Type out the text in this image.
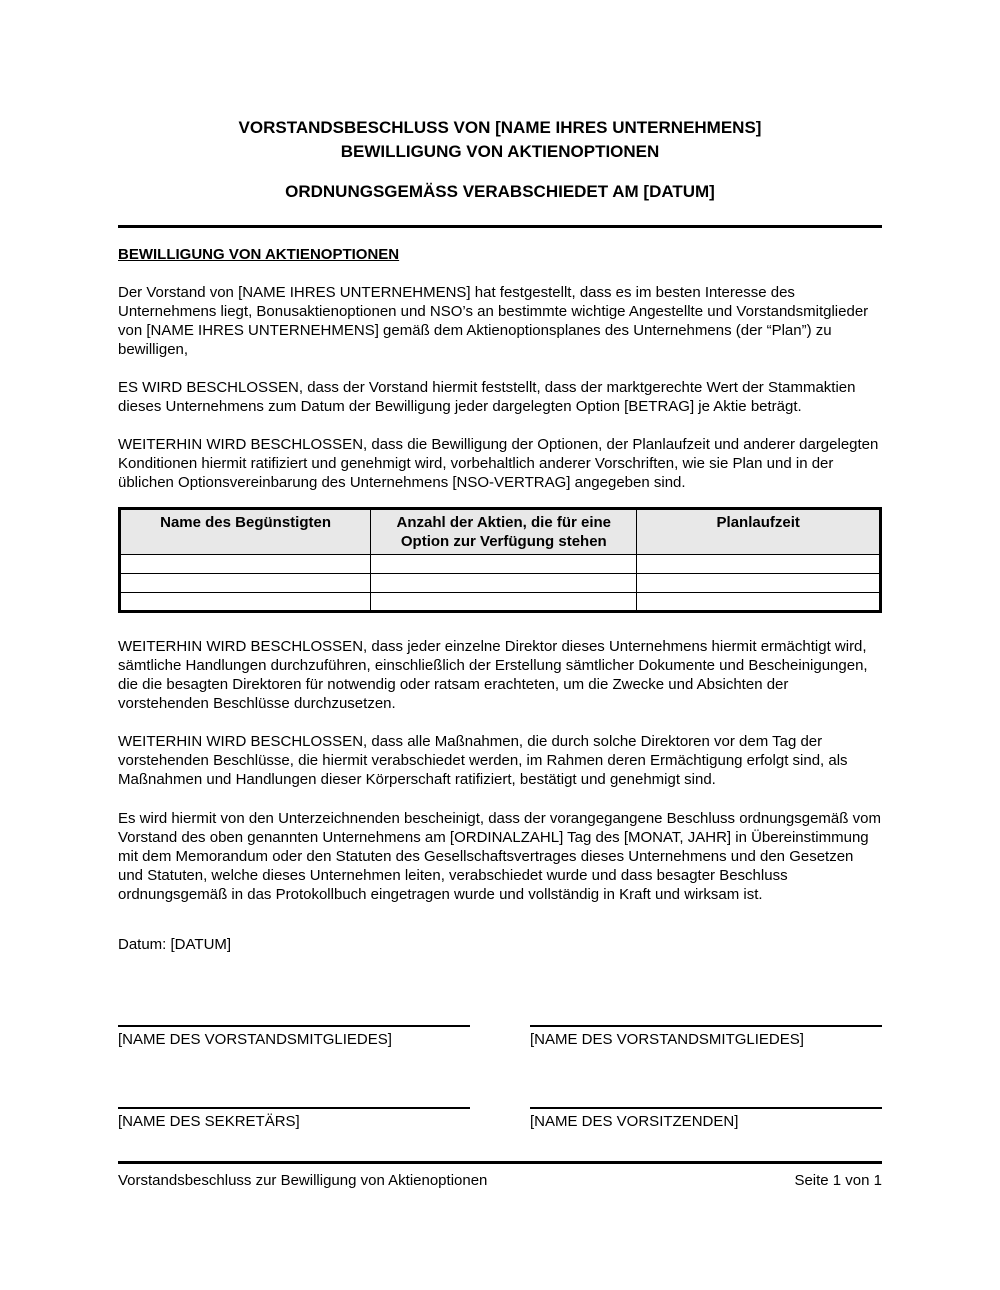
VORSTANDSBESCHLUSS VON [NAME IHRES UNTERNEHMENS]
BEWILLIGUNG VON AKTIENOPTIONEN
ORDNUNGSGEMÄSS VERABSCHIEDET AM [DATUM]
BEWILLIGUNG VON AKTIENOPTIONEN

Der Vorstand von [NAME IHRES UNTERNEHMENS] hat festgestellt, dass es im besten Interesse des Unternehmens liegt, Bonusaktienoptionen und NSO’s an bestimmte wichtige Angestellte und Vorstandsmitglieder von [NAME IHRES UNTERNEHMENS] gemäß dem Aktienoptionsplanes des Unternehmens (der “Plan”) zu bewilligen,

ES WIRD BESCHLOSSEN, dass der Vorstand hiermit feststellt, dass der marktgerechte Wert der Stammaktien dieses Unternehmens zum Datum der Bewilligung jeder dargelegten Option [BETRAG] je Aktie beträgt.

WEITERHIN WIRD BESCHLOSSEN, dass die Bewilligung der Optionen, der Planlaufzeit und anderer dargelegten Konditionen hiermit ratifiziert und genehmigt wird, vorbehaltlich anderer Vorschriften, wie sie Plan und in der üblichen Optionsvereinbarung des Unternehmens [NSO-VERTRAG] angegeben sind.

Name des Begünstigten	Anzahl der Aktien, die für eine Option zur Verfügung stehen	Planlaufzeit

WEITERHIN WIRD BESCHLOSSEN, dass jeder einzelne Direktor dieses Unternehmens hiermit ermächtigt wird, sämtliche Handlungen durchzuführen, einschließlich der Erstellung sämtlicher Dokumente und Bescheinigungen, die die besagten Direktoren für notwendig oder ratsam erachteten, um die Zwecke und Absichten der vorstehenden Beschlüsse durchzusetzen.

WEITERHIN WIRD BESCHLOSSEN, dass alle Maßnahmen, die durch solche Direktoren vor dem Tag der vorstehenden Beschlüsse, die hiermit verabschiedet werden, im Rahmen deren Ermächtigung erfolgt sind, als Maßnahmen und Handlungen dieser Körperschaft ratifiziert, bestätigt und genehmigt sind.

Es wird hiermit von den Unterzeichnenden bescheinigt, dass der vorangegangene Beschluss ordnungsgemäß vom Vorstand des oben genannten Unternehmens am [ORDINALZAHL] Tag des [MONAT, JAHR] in Übereinstimmung mit dem Memorandum oder den Statuten des Gesellschaftsvertrages dieses Unternehmens und den Gesetzen und Statuten, welche dieses Unternehmen leiten, verabschiedet wurde und dass besagter Beschluss ordnungsgemäß in das Protokollbuch eingetragen wurde und vollständig in Kraft und wirksam ist.

Datum: [DATUM]
[NAME DES VORSTANDSMITGLIEDES]	[NAME DES VORSTANDSMITGLIEDES]
[NAME DES SEKRETÄRS]	[NAME DES VORSITZENDEN]
Vorstandsbeschluss zur Bewilligung von Aktienoptionen	Seite 1 von 1
